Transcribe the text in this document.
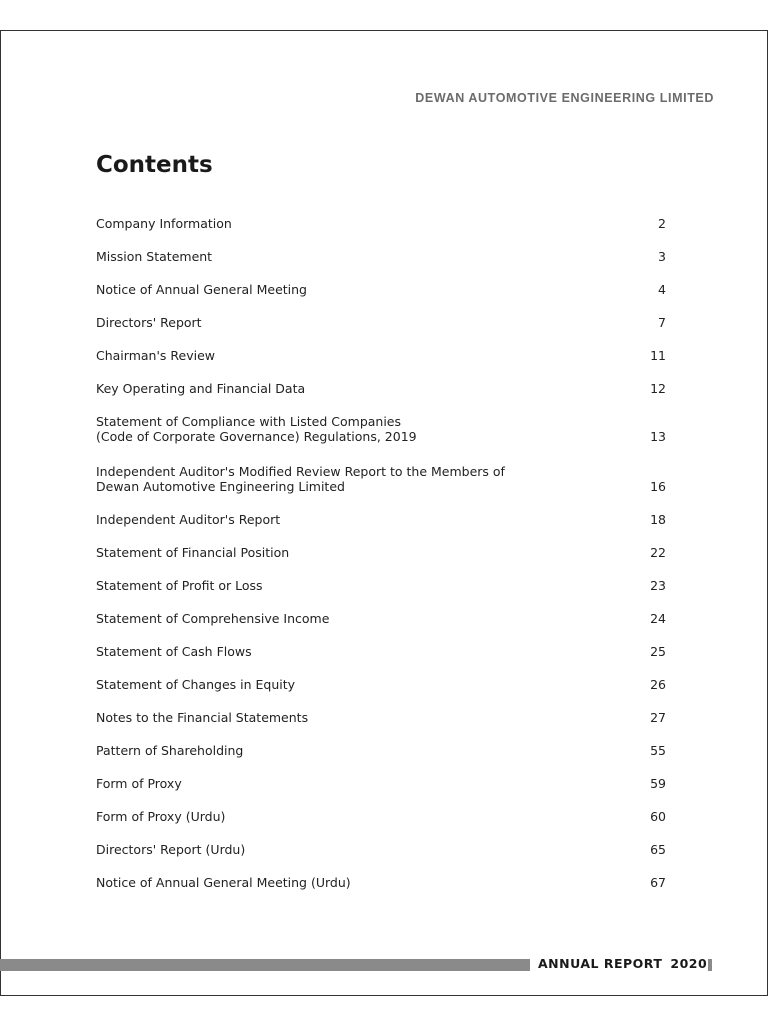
DEWAN AUTOMOTIVE ENGINEERING LIMITED
Contents
Company Information	2
Mission Statement	3
Notice of Annual General Meeting	4
Directors' Report	7
Chairman's Review	11
Key Operating and Financial Data	12
Statement of Compliance with Listed Companies
(Code of Corporate Governance) Regulations, 2019	13
Independent Auditor's Modified Review Report to the Members of
Dewan Automotive Engineering Limited	16
Independent Auditor's Report	18
Statement of Financial Position	22
Statement of Profit or Loss	23
Statement of Comprehensive Income	24
Statement of Cash Flows	25
Statement of Changes in Equity	26
Notes to the Financial Statements	27
Pattern of Shareholding	55
Form of Proxy	59
Form of Proxy (Urdu)	60
Directors' Report (Urdu)	65
Notice of Annual General Meeting (Urdu)	67
ANNUAL REPORT 2020
